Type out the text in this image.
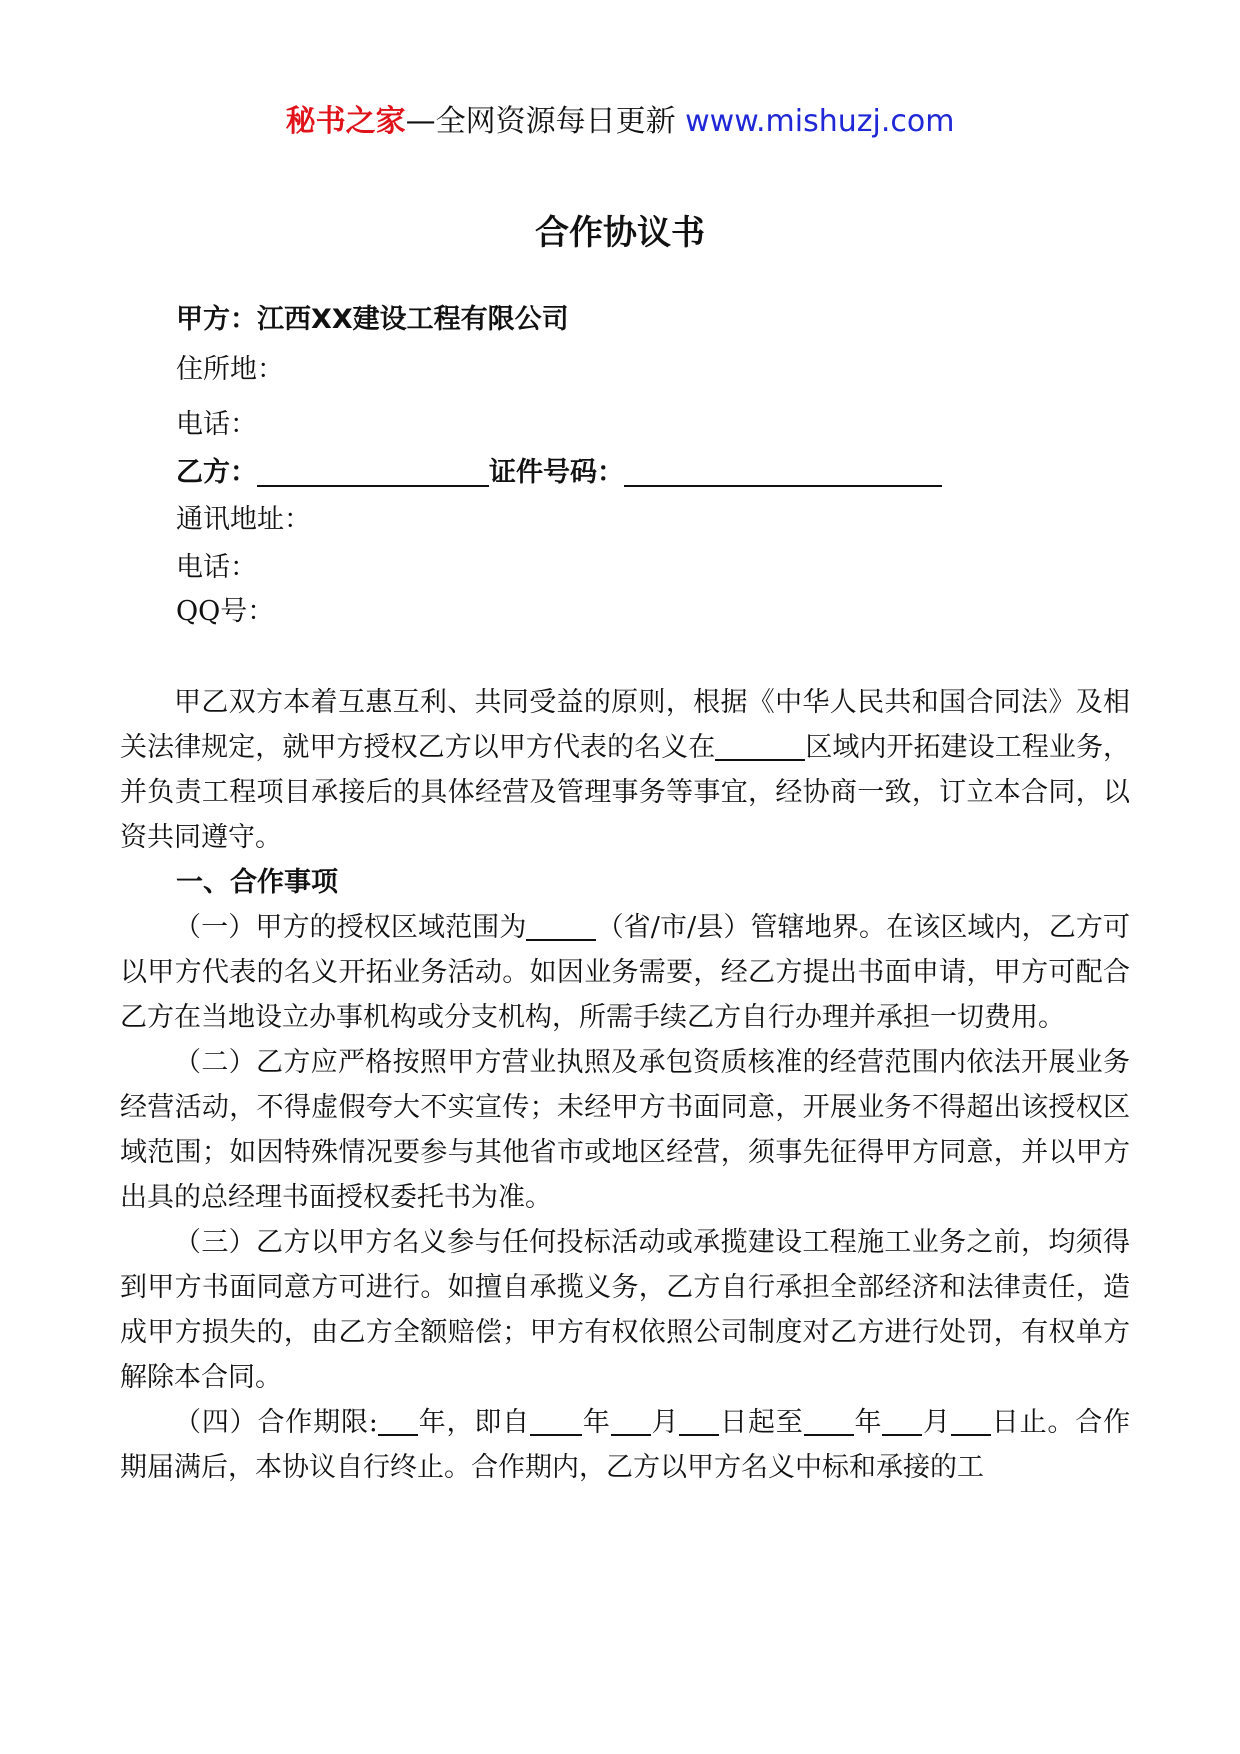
秘书之家—全网资源每日更新 www.mishuzj.com
合作协议书
甲方：江西XX建设工程有限公司
住所地：
电话：
乙方：	证件号码：
通讯地址：
电话：
QQ号：

甲乙双方本着互惠互利、共同受益的原则，根据《中华人民共和国合同法》及相关法律规定，就甲方授权乙方以甲方代表的名义在	区域内开拓建设工程业务，并负责工程项目承接后的具体经营及管理事务等事宜，经协商一致，订立本合同，以资共同遵守。

一、合作事项

（一）甲方的授权区域范围为	（省/市/县）管辖地界。在该区域内，乙方可以甲方代表的名义开拓业务活动。如因业务需要，经乙方提出书面申请，甲方可配合乙方在当地设立办事机构或分支机构，所需手续乙方自行办理并承担一切费用。

（二）乙方应严格按照甲方营业执照及承包资质核准的经营范围内依法开展业务经营活动，不得虚假夸大不实宣传；未经甲方书面同意，开展业务不得超出该授权区域范围；如因特殊情况要参与其他省市或地区经营，须事先征得甲方同意，并以甲方出具的总经理书面授权委托书为准。

（三）乙方以甲方名义参与任何投标活动或承揽建设工程施工业务之前，均须得到甲方书面同意方可进行。如擅自承揽义务，乙方自行承担全部经济和法律责任，造成甲方损失的，由乙方全额赔偿；甲方有权依照公司制度对乙方进行处罚，有权单方解除本合同。

（四）合作期限: 年，即自 年 月 日起至 年 月 日止。合作期届满后，本协议自行终止。合作期内，乙方以甲方名义中标和承接的工
